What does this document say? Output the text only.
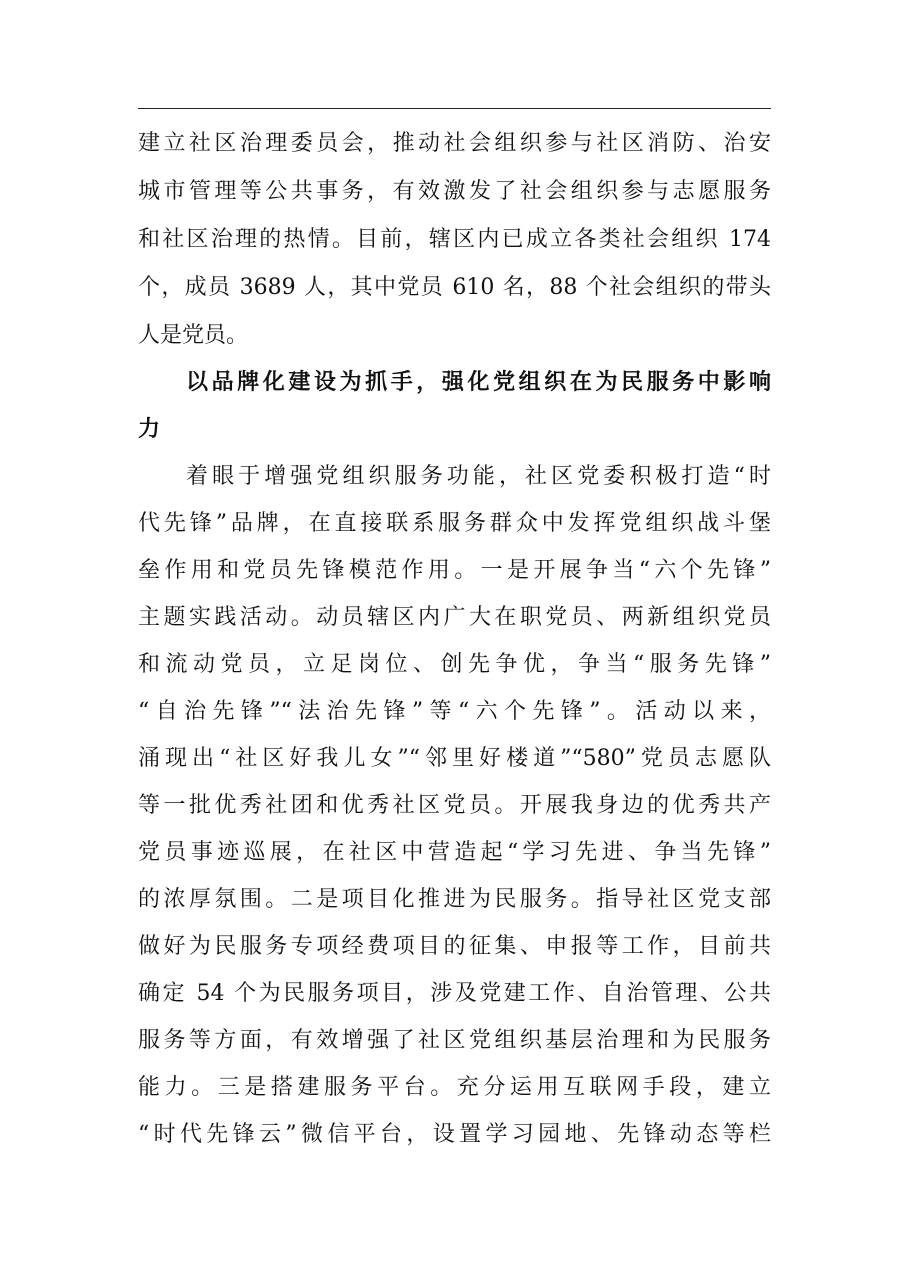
建立社区治理委员会，推动社会组织参与社区消防、治安
城市管理等公共事务，有效激发了社会组织参与志愿服务
和社区治理的热情。目前，辖区内已成立各类社会组织 174
个，成员 3689 人，其中党员 610 名，88 个社会组织的带头
人是党员。
以品牌化建设为抓手，强化党组织在为民服务中影响
力
着眼于增强党组织服务功能，社区党委积极打造“时
代先锋”品牌，在直接联系服务群众中发挥党组织战斗堡
垒作用和党员先锋模范作用。一是开展争当“六个先锋”
主题实践活动。动员辖区内广大在职党员、两新组织党员
和流动党员，立足岗位、创先争优，争当“服务先锋”
“自治先锋”“法治先锋”等“六个先锋”。活动以来，
涌现出“社区好我儿女”“邻里好楼道”“580”党员志愿队
等一批优秀社团和优秀社区党员。开展我身边的优秀共产
党员事迹巡展，在社区中营造起“学习先进、争当先锋”
的浓厚氛围。二是项目化推进为民服务。指导社区党支部
做好为民服务专项经费项目的征集、申报等工作，目前共
确定 54 个为民服务项目，涉及党建工作、自治管理、公共
服务等方面，有效增强了社区党组织基层治理和为民服务
能力。三是搭建服务平台。充分运用互联网手段，建立
“时代先锋云”微信平台，设置学习园地、先锋动态等栏
